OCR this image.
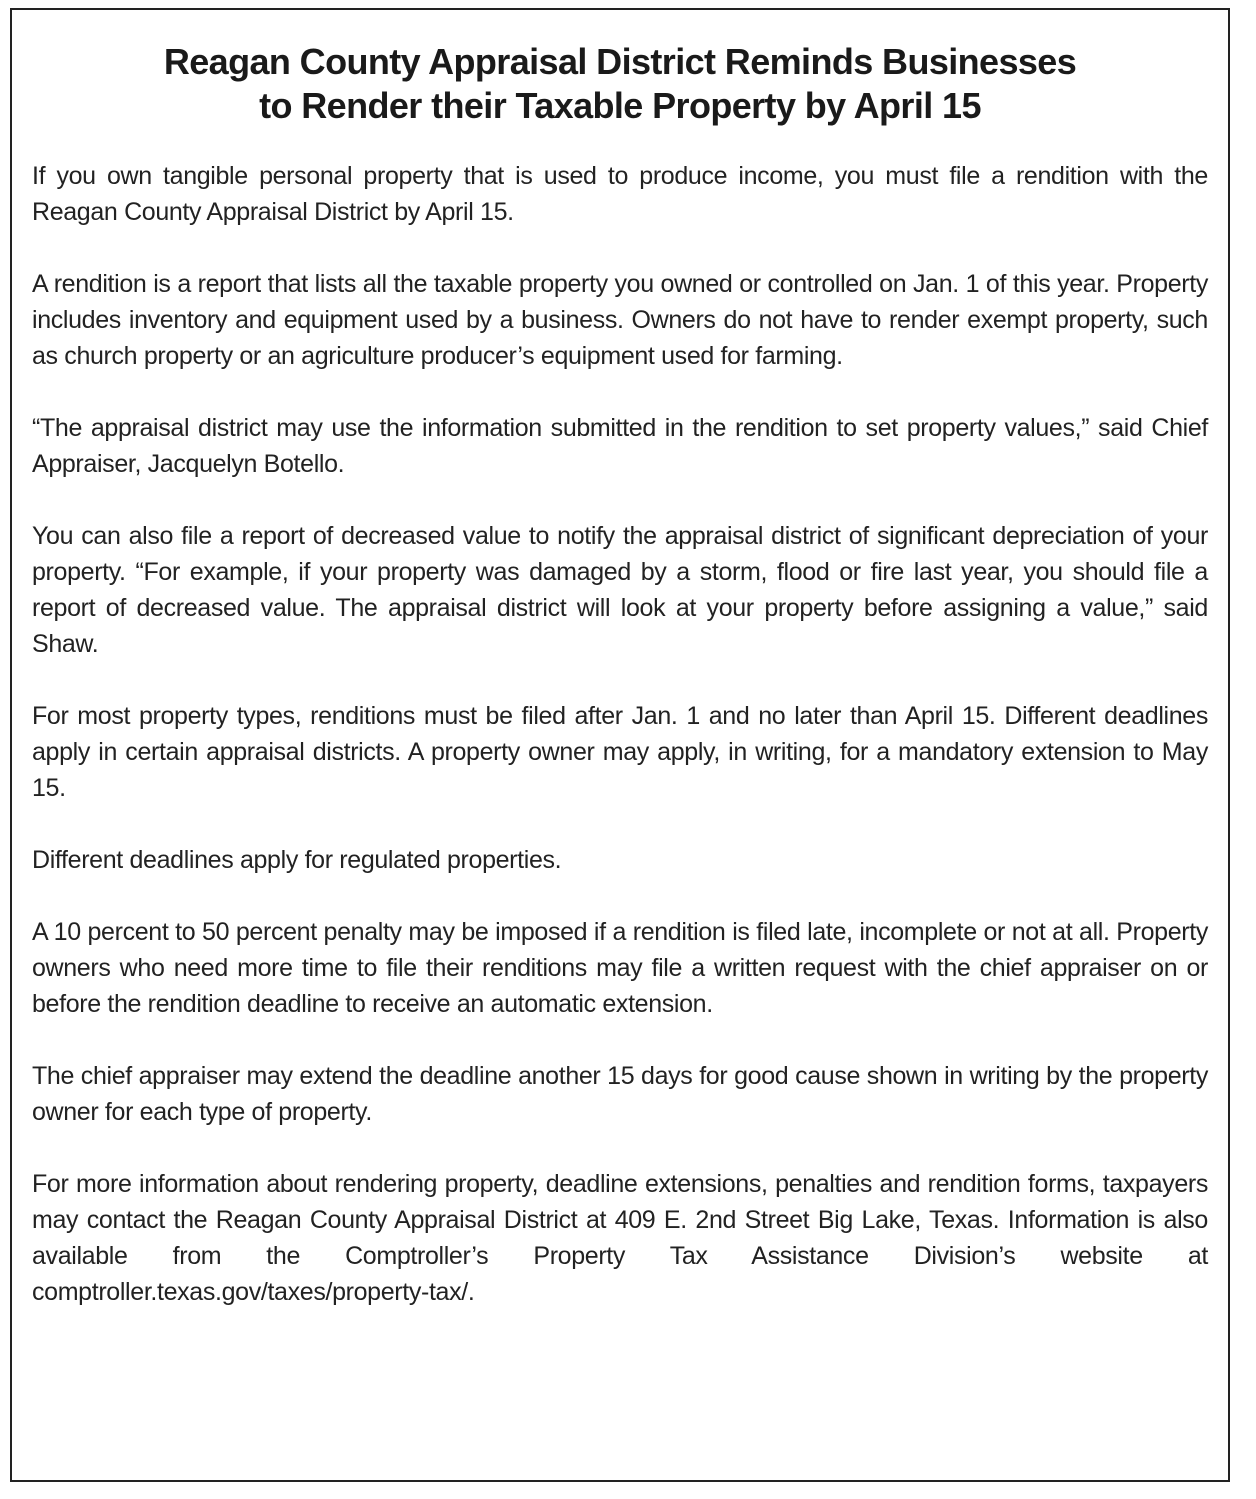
Reagan County Appraisal District Reminds Businesses
to Render their Taxable Property by April 15

If you own tangible personal property that is used to produce income, you must file a rendition with the Reagan County Appraisal District by April 15.

A rendition is a report that lists all the taxable property you owned or controlled on Jan. 1 of this year. Property includes inventory and equipment used by a business. Owners do not have to render exempt property, such as church property or an agriculture producer’s equipment used for farming.

“The appraisal district may use the information submitted in the rendition to set property values,” said Chief Appraiser, Jacquelyn Botello.

You can also file a report of decreased value to notify the appraisal district of significant depreciation of your property. “For example, if your property was damaged by a storm, flood or fire last year, you should file a report of decreased value. The appraisal district will look at your property before assigning a value,” said Shaw.

For most property types, renditions must be filed after Jan. 1 and no later than April 15. Different deadlines apply in certain appraisal districts. A property owner may apply, in writing, for a mandatory extension to May 15.

Different deadlines apply for regulated properties.

A 10 percent to 50 percent penalty may be imposed if a rendition is filed late, incomplete or not at all. Property owners who need more time to file their renditions may file a written request with the chief appraiser on or before the rendition deadline to receive an automatic extension.

The chief appraiser may extend the deadline another 15 days for good cause shown in writing by the property owner for each type of property.

For more information about rendering property, deadline extensions, penalties and rendition forms, taxpayers may contact the Reagan County Appraisal District at 409 E. 2nd Street Big Lake, Texas. Information is also available from the Comptroller’s Property Tax Assistance Division’s website at comptroller.texas.gov/taxes/property-tax/.
